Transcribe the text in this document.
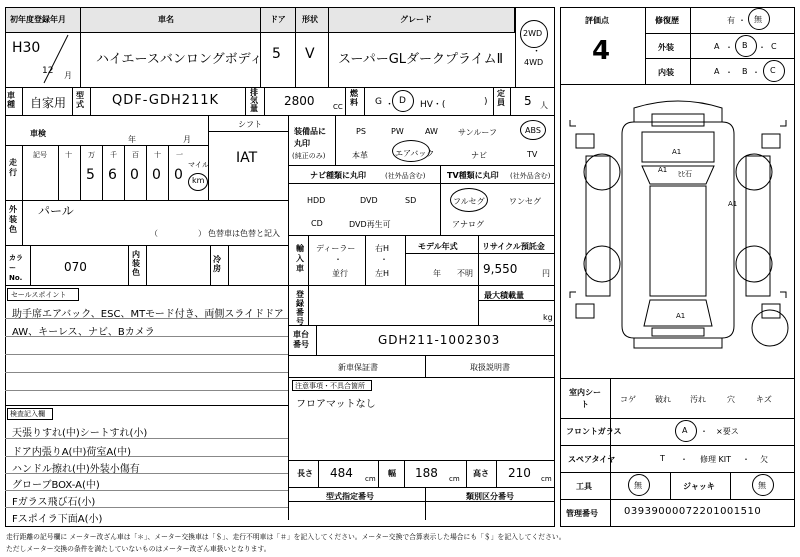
初年度登録年月	車名	ドア 形状	グレード
H30
12 月
ハイエースバンロングボディ 5 V スーパーGLダークプライムⅡ
2WD
・
4WD
車種 自家用
型式 QDF-GDH211K
排気量
2800	CC
燃料 G ・ D HV・(	)
定員 5 人
車検
年	月
シフト
IAT
走行
記号	十 万 千 百 十 一
5 6 0 0 0
マイル
km
外装色
パール
（　　　　　） 色替車は色替と記入
カラーNo.
070
内装色
冷房
セールスポイント
助手席エアバック、ESC、MTモード付き、両側スライドドア
AW、キーレス、ナビ、Bカメラ
検査記入欄
天張りすれ(中)シートすれ(小)
ドア内張りA(中)荷室A(中)
ハンドル擦れ(中)外装小傷有
グローブBOX-A(中)
Fガラス飛び石(小)
Fスポイラ下面A(小)
装備品に丸印
(純正のみ)
PS	PW	AW	サンルーフ	ABS
本革	エアバック	ナビ	TV
ナビ種類に丸印	(社外品含む)	TV種類に丸印 (社外品含む)
HDD	DVD	SD
CD	DVD再生可
フルセグ	ワンセグ
アナログ
輸入車
ディーラー
・
並行
右H
・
左H
モデル年式
年 不明
リサイクル預託金
9,550	円
登録番号
最大積載量
kg
車台番号	GDH211-1002303
新車保証書	取扱説明書
注意事項・不具合箇所
フロアマットなし
長さ 484 cm
幅 188 cm
高さ 210 cm
型式指定番号	類別区分番号
評価点
4
修復歴	有 ・ 無
外装	A ・ B ・ C
内装	A ・ B ・ C
A1
A1 ﾋﾋ石
A1
A1
室内シート
コゲ 破れ 汚れ	穴	キズ
フロントガラス	A ・　×要ス
スペアタイヤ	T ・ 修理 KIT ・ 欠
工具	無	ジャッキ	無
管理番号	03939000072201001510
走行距離の記号欄に メーター改ざん車は「＊」、メーター交換車は「＄」、走行不明車は「＃」を記入してください。メーター交換で合算表示した場合にも「＄」を記入してください。
ただしメーター交換の条件を満たしていないものはメーター改ざん車扱いとなります。
